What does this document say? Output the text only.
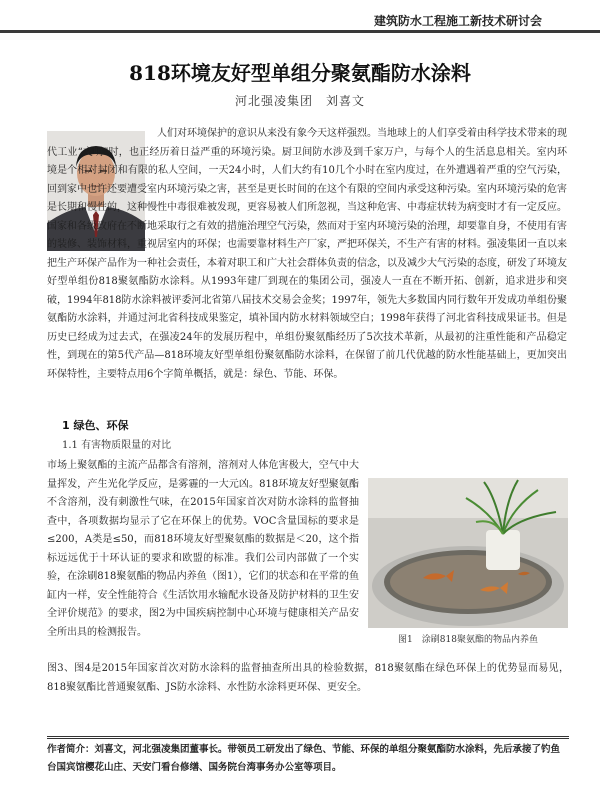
建筑防水工程施工新技术研讨会
818环境友好型单组分聚氨酯防水涂料
河北强凌集团　刘喜文

人们对环境保护的意识从来没有象今天这样强烈。当地球上的人们享受着由科学技术带来的现代工业“文明”时，也正经历着日益严重的环境污染。厨卫间防水涉及到千家万户，与每个人的生活息息相关。室内环境是个相对封闭和有限的私人空间，一天24小时，人们大约有10几个小时在室内度过，在外遭遇着严重的空气污染，回到家中也许还要遭受室内环境污染之害，甚至是更长时间的在这个有限的空间内承受这种污染。室内环境污染的危害是长期和慢性的，这种慢性中毒很难被发现，更容易被人们所忽视，当这种危害、中毒症状转为病变时才有一定反应。国家和各级政府在不断地采取行之有效的措施治理空气污染，然而对于室内环境污染的治理，却要靠自身，不使用有害的装修、装饰材料，重视居室内的环保；也需要靠材料生产厂家，严把环保关，不生产有害的材料。强凌集团一直以来把生产环保产品作为一种社会责任，本着对职工和广大社会群体负责的信念，以及减少大气污染的态度，研发了环境友好型单组份818聚氨酯防水涂料。从1993年建厂到现在的集团公司，强凌人一直在不断开拓、创新，追求进步和突破，1994年818防水涂料被评委河北省第八届技术交易会金奖；1997年，领先大多数国内同行数年开发成功单组份聚氨酯防水涂料，并通过河北省科技成果鉴定，填补国内防水材料领域空白；1998年获得了河北省科技成果证书。但是历史已经成为过去式，在强凌24年的发展历程中，单组份聚氨酯经历了5次技术革新，从最初的注重性能和产品稳定性，到现在的第5代产品—818环境友好型单组份聚氨酯防水涂料，在保留了前几代优越的防水性能基础上，更加突出环保特性，主要特点用6个字简单概括，就是：绿色、节能、环保。

1 绿色、环保
1.1 有害物质限量的对比

市场上聚氨酯的主流产品都含有溶剂，溶剂对人体危害极大，空气中大量挥发，产生光化学反应，是雾霾的一大元凶。818环境友好型聚氨酯不含溶剂，没有刺激性气味，在2015年国家首次对防水涂料的监督抽查中，各项数据均显示了它在环保上的优势。VOC含量国标的要求是≤200，A类是≤50，而818环境友好型聚氨酯的数据是＜20，这个指标远远优于十环认证的要求和欧盟的标准。我们公司内部做了一个实验，在涂刷818聚氨酯的物品内养鱼（图1），它们的状态和在平常的鱼缸内一样，安全性能符合《生活饮用水输配水设备及防护材料的卫生安全评价规范》的要求，图2为中国疾病控制中心环境与健康相关产品安全所出具的检测报告。

图1　涂刷818聚氨酯的物品内养鱼

图3、图4是2015年国家首次对防水涂料的监督抽查所出具的检验数据，818聚氨酯在绿色环保上的优势显而易见，818聚氨酯比普通聚氨酯、JS防水涂料、水性防水涂料更环保、更安全。

作者简介：刘喜文，河北强凌集团董事长。带领员工研发出了绿色、节能、环保的单组分聚氨酯防水涂料，先后承接了钓鱼台国宾馆樱花山庄、天安门看台修缮、国务院台湾事务办公室等项目。
